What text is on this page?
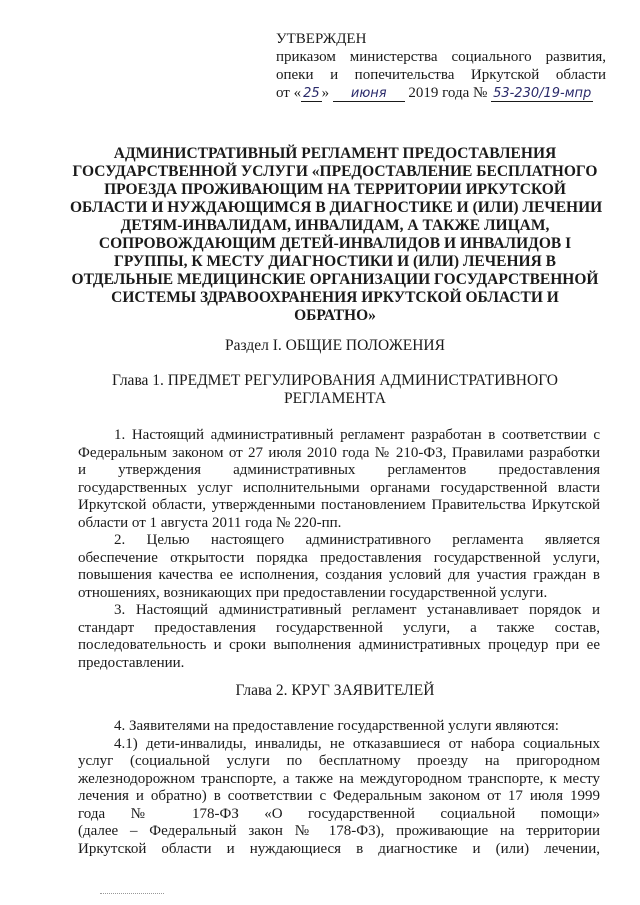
УТВЕРЖДЕН
приказом министерства социального развития,
опеки и попечительства Иркутской области
от « 25 » июня 2019 года № 53-230/19-мпр
АДМИНИСТРАТИВНЫЙ РЕГЛАМЕНТ ПРЕДОСТАВЛЕНИЯ
ГОСУДАРСТВЕННОЙ УСЛУГИ «ПРЕДОСТАВЛЕНИЕ БЕСПЛАТНОГО
ПРОЕЗДА ПРОЖИВАЮЩИМ НА ТЕРРИТОРИИ ИРКУТСКОЙ
ОБЛАСТИ И НУЖДАЮЩИМСЯ В ДИАГНОСТИКЕ И (ИЛИ) ЛЕЧЕНИИ
ДЕТЯМ-ИНВАЛИДАМ, ИНВАЛИДАМ, А ТАКЖЕ ЛИЦАМ,
СОПРОВОЖДАЮЩИМ ДЕТЕЙ-ИНВАЛИДОВ И ИНВАЛИДОВ I
ГРУППЫ, К МЕСТУ ДИАГНОСТИКИ И (ИЛИ) ЛЕЧЕНИЯ В
ОТДЕЛЬНЫЕ МЕДИЦИНСКИЕ ОРГАНИЗАЦИИ ГОСУДАРСТВЕННОЙ
СИСТЕМЫ ЗДРАВООХРАНЕНИЯ ИРКУТСКОЙ ОБЛАСТИ И
ОБРАТНО»
Раздел I. ОБЩИЕ ПОЛОЖЕНИЯ
Глава 1. ПРЕДМЕТ РЕГУЛИРОВАНИЯ АДМИНИСТРАТИВНОГО
РЕГЛАМЕНТА
1. Настоящий административный регламент разработан в соответствии с
Федеральным законом от 27 июля 2010 года № 210-ФЗ, Правилами разработки
и утверждения административных регламентов предоставления
государственных услуг исполнительными органами государственной власти
Иркутской области, утвержденными постановлением Правительства Иркутской
области от 1 августа 2011 года № 220-пп.
2. Целью настоящего административного регламента является
обеспечение открытости порядка предоставления государственной услуги,
повышения качества ее исполнения, создания условий для участия граждан в
отношениях, возникающих при предоставлении государственной услуги.
3. Настоящий административный регламент устанавливает порядок и
стандарт предоставления государственной услуги, а также состав,
последовательность и сроки выполнения административных процедур при ее
предоставлении.
Глава 2. КРУГ ЗАЯВИТЕЛЕЙ
4. Заявителями на предоставление государственной услуги являются:
4.1) дети-инвалиды, инвалиды, не отказавшиеся от набора социальных
услуг (социальной услуги по бесплатному проезду на пригородном
железнодорожном транспорте, а также на междугородном транспорте, к месту
лечения и обратно) в соответствии с Федеральным законом от 17 июля 1999
года № 178-ФЗ «О государственной социальной помощи»
(далее – Федеральный закон № 178-ФЗ), проживающие на территории
Иркутской области и нуждающиеся в диагностике и (или) лечении,
